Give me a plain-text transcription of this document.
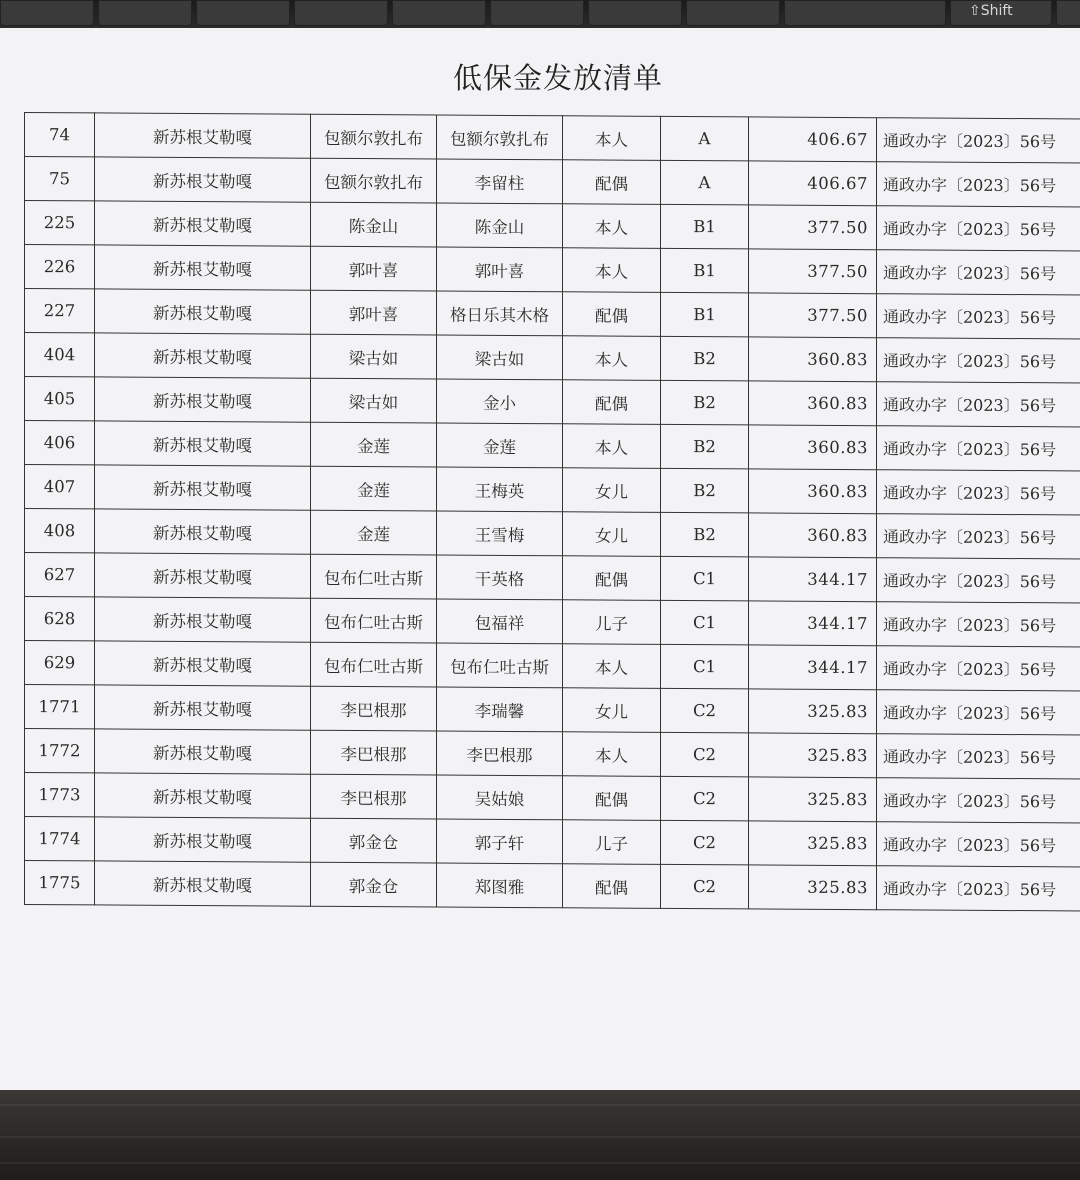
⇧Shift
低保金发放清单
74	新苏根艾勒嘎	包额尔敦扎布	包额尔敦扎布	本人	A	406.67	通政办字〔2023〕56号
75	新苏根艾勒嘎	包额尔敦扎布	李留柱	配偶	A	406.67	通政办字〔2023〕56号
225	新苏根艾勒嘎	陈金山	陈金山	本人	B1	377.50	通政办字〔2023〕56号
226	新苏根艾勒嘎	郭叶喜	郭叶喜	本人	B1	377.50	通政办字〔2023〕56号
227	新苏根艾勒嘎	郭叶喜	格日乐其木格	配偶	B1	377.50	通政办字〔2023〕56号
404	新苏根艾勒嘎	梁古如	梁古如	本人	B2	360.83	通政办字〔2023〕56号
405	新苏根艾勒嘎	梁古如	金小	配偶	B2	360.83	通政办字〔2023〕56号
406	新苏根艾勒嘎	金莲	金莲	本人	B2	360.83	通政办字〔2023〕56号
407	新苏根艾勒嘎	金莲	王梅英	女儿	B2	360.83	通政办字〔2023〕56号
408	新苏根艾勒嘎	金莲	王雪梅	女儿	B2	360.83	通政办字〔2023〕56号
627	新苏根艾勒嘎	包布仁吐古斯	干英格	配偶	C1	344.17	通政办字〔2023〕56号
628	新苏根艾勒嘎	包布仁吐古斯	包福祥	儿子	C1	344.17	通政办字〔2023〕56号
629	新苏根艾勒嘎	包布仁吐古斯	包布仁吐古斯	本人	C1	344.17	通政办字〔2023〕56号
1771	新苏根艾勒嘎	李巴根那	李瑞馨	女儿	C2	325.83	通政办字〔2023〕56号
1772	新苏根艾勒嘎	李巴根那	李巴根那	本人	C2	325.83	通政办字〔2023〕56号
1773	新苏根艾勒嘎	李巴根那	吴姑娘	配偶	C2	325.83	通政办字〔2023〕56号
1774	新苏根艾勒嘎	郭金仓	郭子轩	儿子	C2	325.83	通政办字〔2023〕56号
1775	新苏根艾勒嘎	郭金仓	郑图雅	配偶	C2	325.83	通政办字〔2023〕56号
